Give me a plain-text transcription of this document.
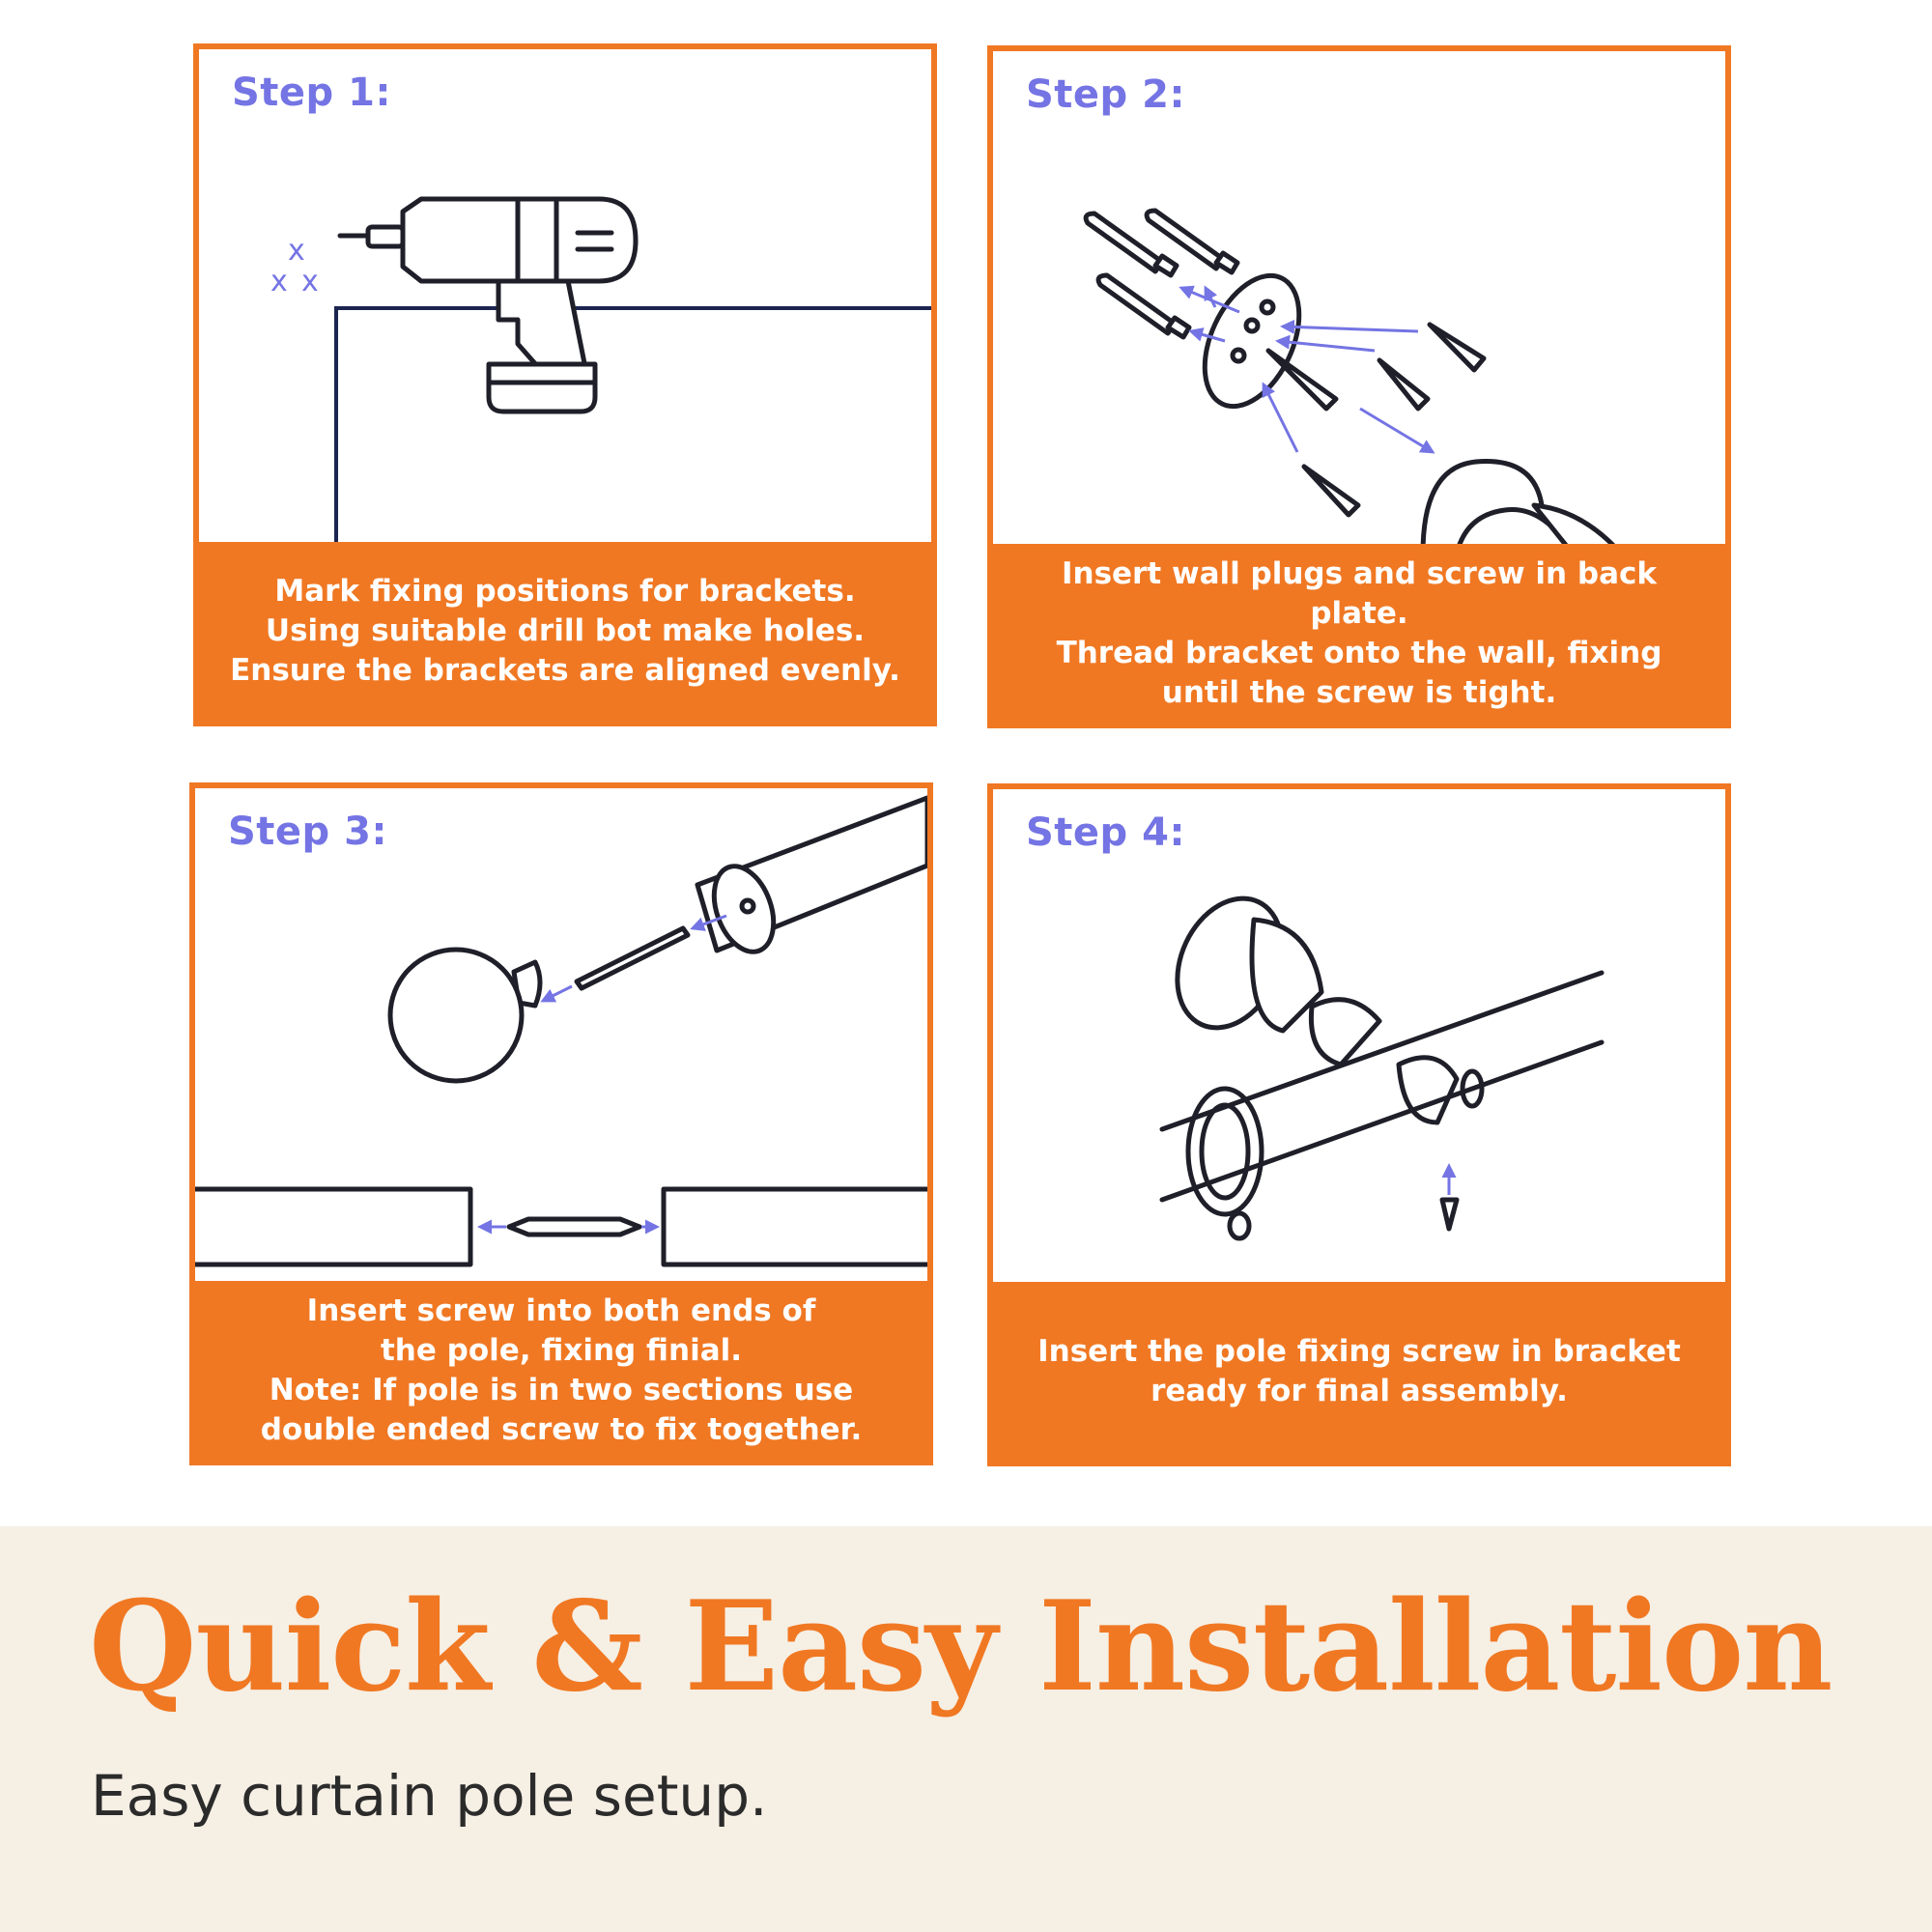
Step 1:
x
x x
Mark fixing positions for brackets.
Using suitable drill bot make holes.
Ensure the brackets are aligned evenly.
Step 2:
Insert wall plugs and screw in back
plate.
Thread bracket onto the wall, fixing
until the screw is tight.
Step 3:
Insert screw into both ends of
the pole, fixing finial.
Note: If pole is in two sections use
double ended screw to fix together.
Step 4:
Insert the pole fixing screw in bracket
ready for final assembly.
Quick & Easy Installation
Easy curtain pole setup.
